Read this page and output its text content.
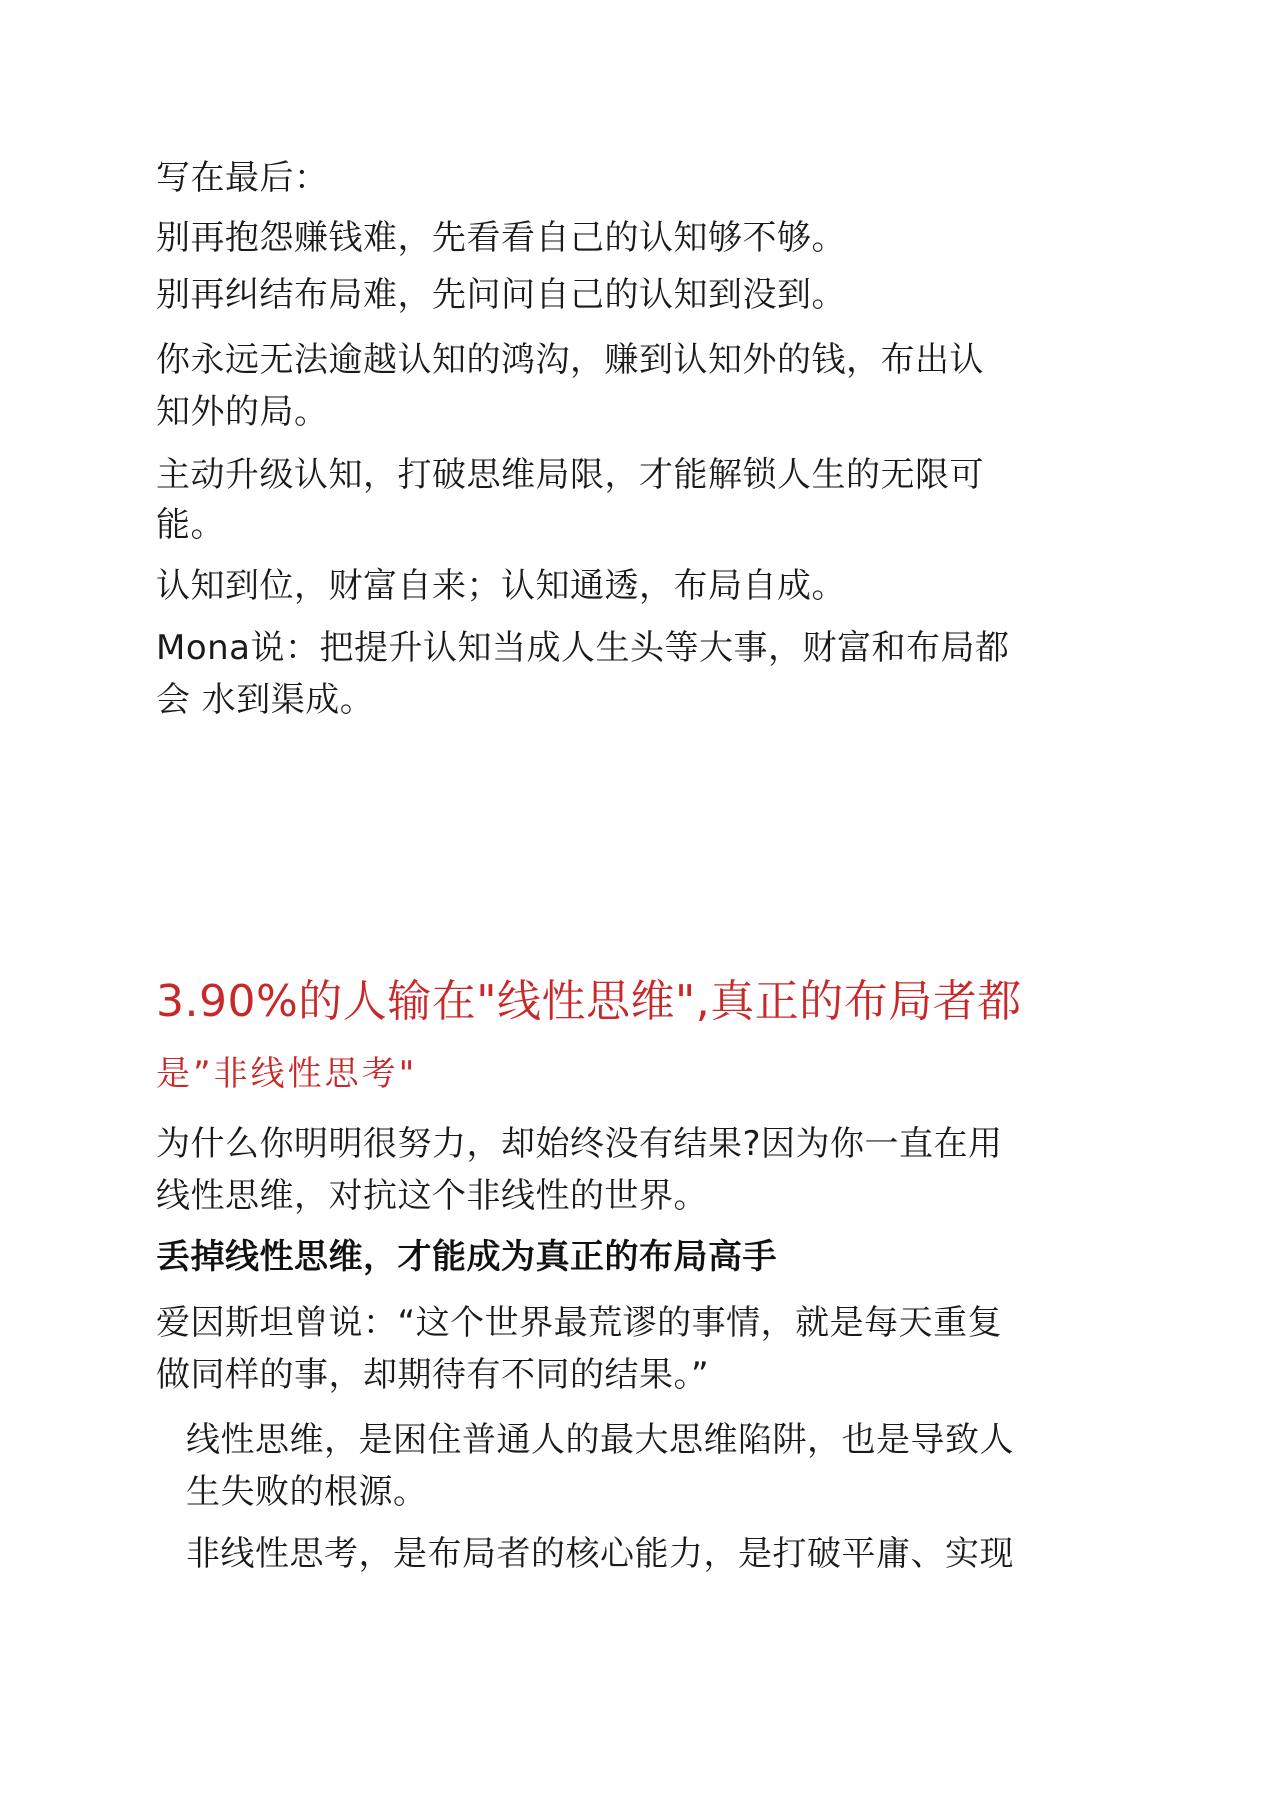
写在最后：
别再抱怨赚钱难，先看看自己的认知够不够。
别再纠结布局难，先问问自己的认知到没到。
你永远无法逾越认知的鸿沟，赚到认知外的钱，布出认
知外的局。
主动升级认知，打破思维局限，才能解锁人生的无限可
能。
认知到位，财富自来；认知通透，布局自成。
Mona说：把提升认知当成人生头等大事，财富和布局都
会 水到渠成。
3.90%的人输在"线性思维",真正的布局者都
是”非线性思考"
为什么你明明很努力，却始终没有结果?因为你一直在用
线性思维，对抗这个非线性的世界。
丢掉线性思维，才能成为真正的布局高手
爱因斯坦曾说：“这个世界最荒谬的事情，就是每天重复
做同样的事，却期待有不同的结果。”
线性思维，是困住普通人的最大思维陷阱，也是导致人
生失败的根源。
非线性思考，是布局者的核心能力，是打破平庸、实现
